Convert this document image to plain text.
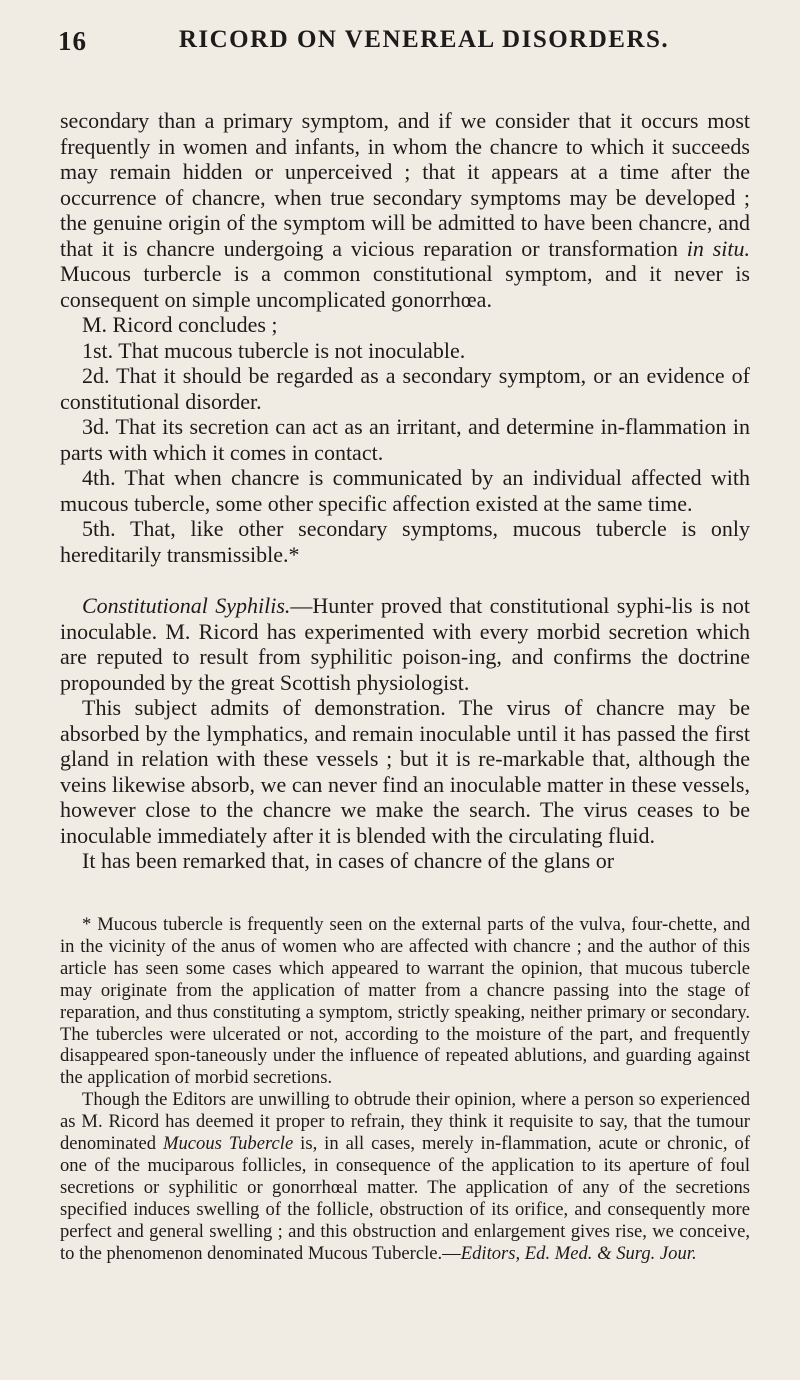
16	RICORD ON VENEREAL DISORDERS.

secondary than a primary symptom, and if we consider that it occurs most frequently in women and infants, in whom the chancre to which it succeeds may remain hidden or unperceived ; that it appears at a time after the occurrence of chancre, when true secondary symptoms may be developed ; the genuine origin of the symptom will be admitted to have been chancre, and that it is chancre undergoing a vicious reparation or transformation in situ. Mucous turbercle is a common constitutional symptom, and it never is consequent on simple uncomplicated gonorrhœa.

M. Ricord concludes ;

1st. That mucous tubercle is not inoculable.

2d. That it should be regarded as a secondary symptom, or an evidence of constitutional disorder.

3d. That its secretion can act as an irritant, and determine in-flammation in parts with which it comes in contact.

4th. That when chancre is communicated by an individual affected with mucous tubercle, some other specific affection existed at the same time.

5th. That, like other secondary symptoms, mucous tubercle is only hereditarily transmissible.*

Constitutional Syphilis.—Hunter proved that constitutional syphi-lis is not inoculable. M. Ricord has experimented with every morbid secretion which are reputed to result from syphilitic poison-ing, and confirms the doctrine propounded by the great Scottish physiologist.

This subject admits of demonstration. The virus of chancre may be absorbed by the lymphatics, and remain inoculable until it has passed the first gland in relation with these vessels ; but it is re-markable that, although the veins likewise absorb, we can never find an inoculable matter in these vessels, however close to the chancre we make the search. The virus ceases to be inoculable immediately after it is blended with the circulating fluid.

It has been remarked that, in cases of chancre of the glans or

* Mucous tubercle is frequently seen on the external parts of the vulva, four-chette, and in the vicinity of the anus of women who are affected with chancre ; and the author of this article has seen some cases which appeared to warrant the opinion, that mucous tubercle may originate from the application of matter from a chancre passing into the stage of reparation, and thus constituting a symptom, strictly speaking, neither primary or secondary. The tubercles were ulcerated or not, according to the moisture of the part, and frequently disappeared spon-taneously under the influence of repeated ablutions, and guarding against the application of morbid secretions.

Though the Editors are unwilling to obtrude their opinion, where a person so experienced as M. Ricord has deemed it proper to refrain, they think it requisite to say, that the tumour denominated Mucous Tubercle is, in all cases, merely in-flammation, acute or chronic, of one of the muciparous follicles, in consequence of the application to its aperture of foul secretions or syphilitic or gonorrhœal matter. The application of any of the secretions specified induces swelling of the follicle, obstruction of its orifice, and consequently more perfect and general swelling ; and this obstruction and enlargement gives rise, we conceive, to the phenomenon denominated Mucous Tubercle.—Editors, Ed. Med. & Surg. Jour.
